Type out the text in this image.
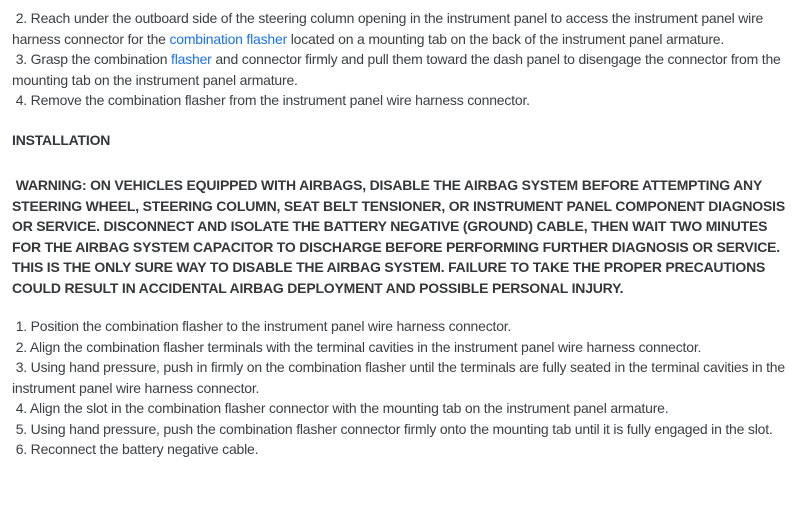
2. Reach under the outboard side of the steering column opening in the instrument panel to access the instrument panel wire harness connector for the combination flasher located on a mounting tab on the back of the instrument panel armature.

3. Grasp the combination flasher and connector firmly and pull them toward the dash panel to disengage the connector from the mounting tab on the instrument panel armature.

4. Remove the combination flasher from the instrument panel wire harness connector.

INSTALLATION

WARNING: ON VEHICLES EQUIPPED WITH AIRBAGS, DISABLE THE AIRBAG SYSTEM BEFORE ATTEMPTING ANY STEERING WHEEL, STEERING COLUMN, SEAT BELT TENSIONER, OR INSTRUMENT PANEL COMPONENT DIAGNOSIS OR SERVICE. DISCONNECT AND ISOLATE THE BATTERY NEGATIVE (GROUND) CABLE, THEN WAIT TWO MINUTES FOR THE AIRBAG SYSTEM CAPACITOR TO DISCHARGE BEFORE PERFORMING FURTHER DIAGNOSIS OR SERVICE. THIS IS THE ONLY SURE WAY TO DISABLE THE AIRBAG SYSTEM. FAILURE TO TAKE THE PROPER PRECAUTIONS COULD RESULT IN ACCIDENTAL AIRBAG DEPLOYMENT AND POSSIBLE PERSONAL INJURY.

1. Position the combination flasher to the instrument panel wire harness connector.

2. Align the combination flasher terminals with the terminal cavities in the instrument panel wire harness connector.

3. Using hand pressure, push in firmly on the combination flasher until the terminals are fully seated in the terminal cavities in the instrument panel wire harness connector.

4. Align the slot in the combination flasher connector with the mounting tab on the instrument panel armature.

5. Using hand pressure, push the combination flasher connector firmly onto the mounting tab until it is fully engaged in the slot.

6. Reconnect the battery negative cable.
